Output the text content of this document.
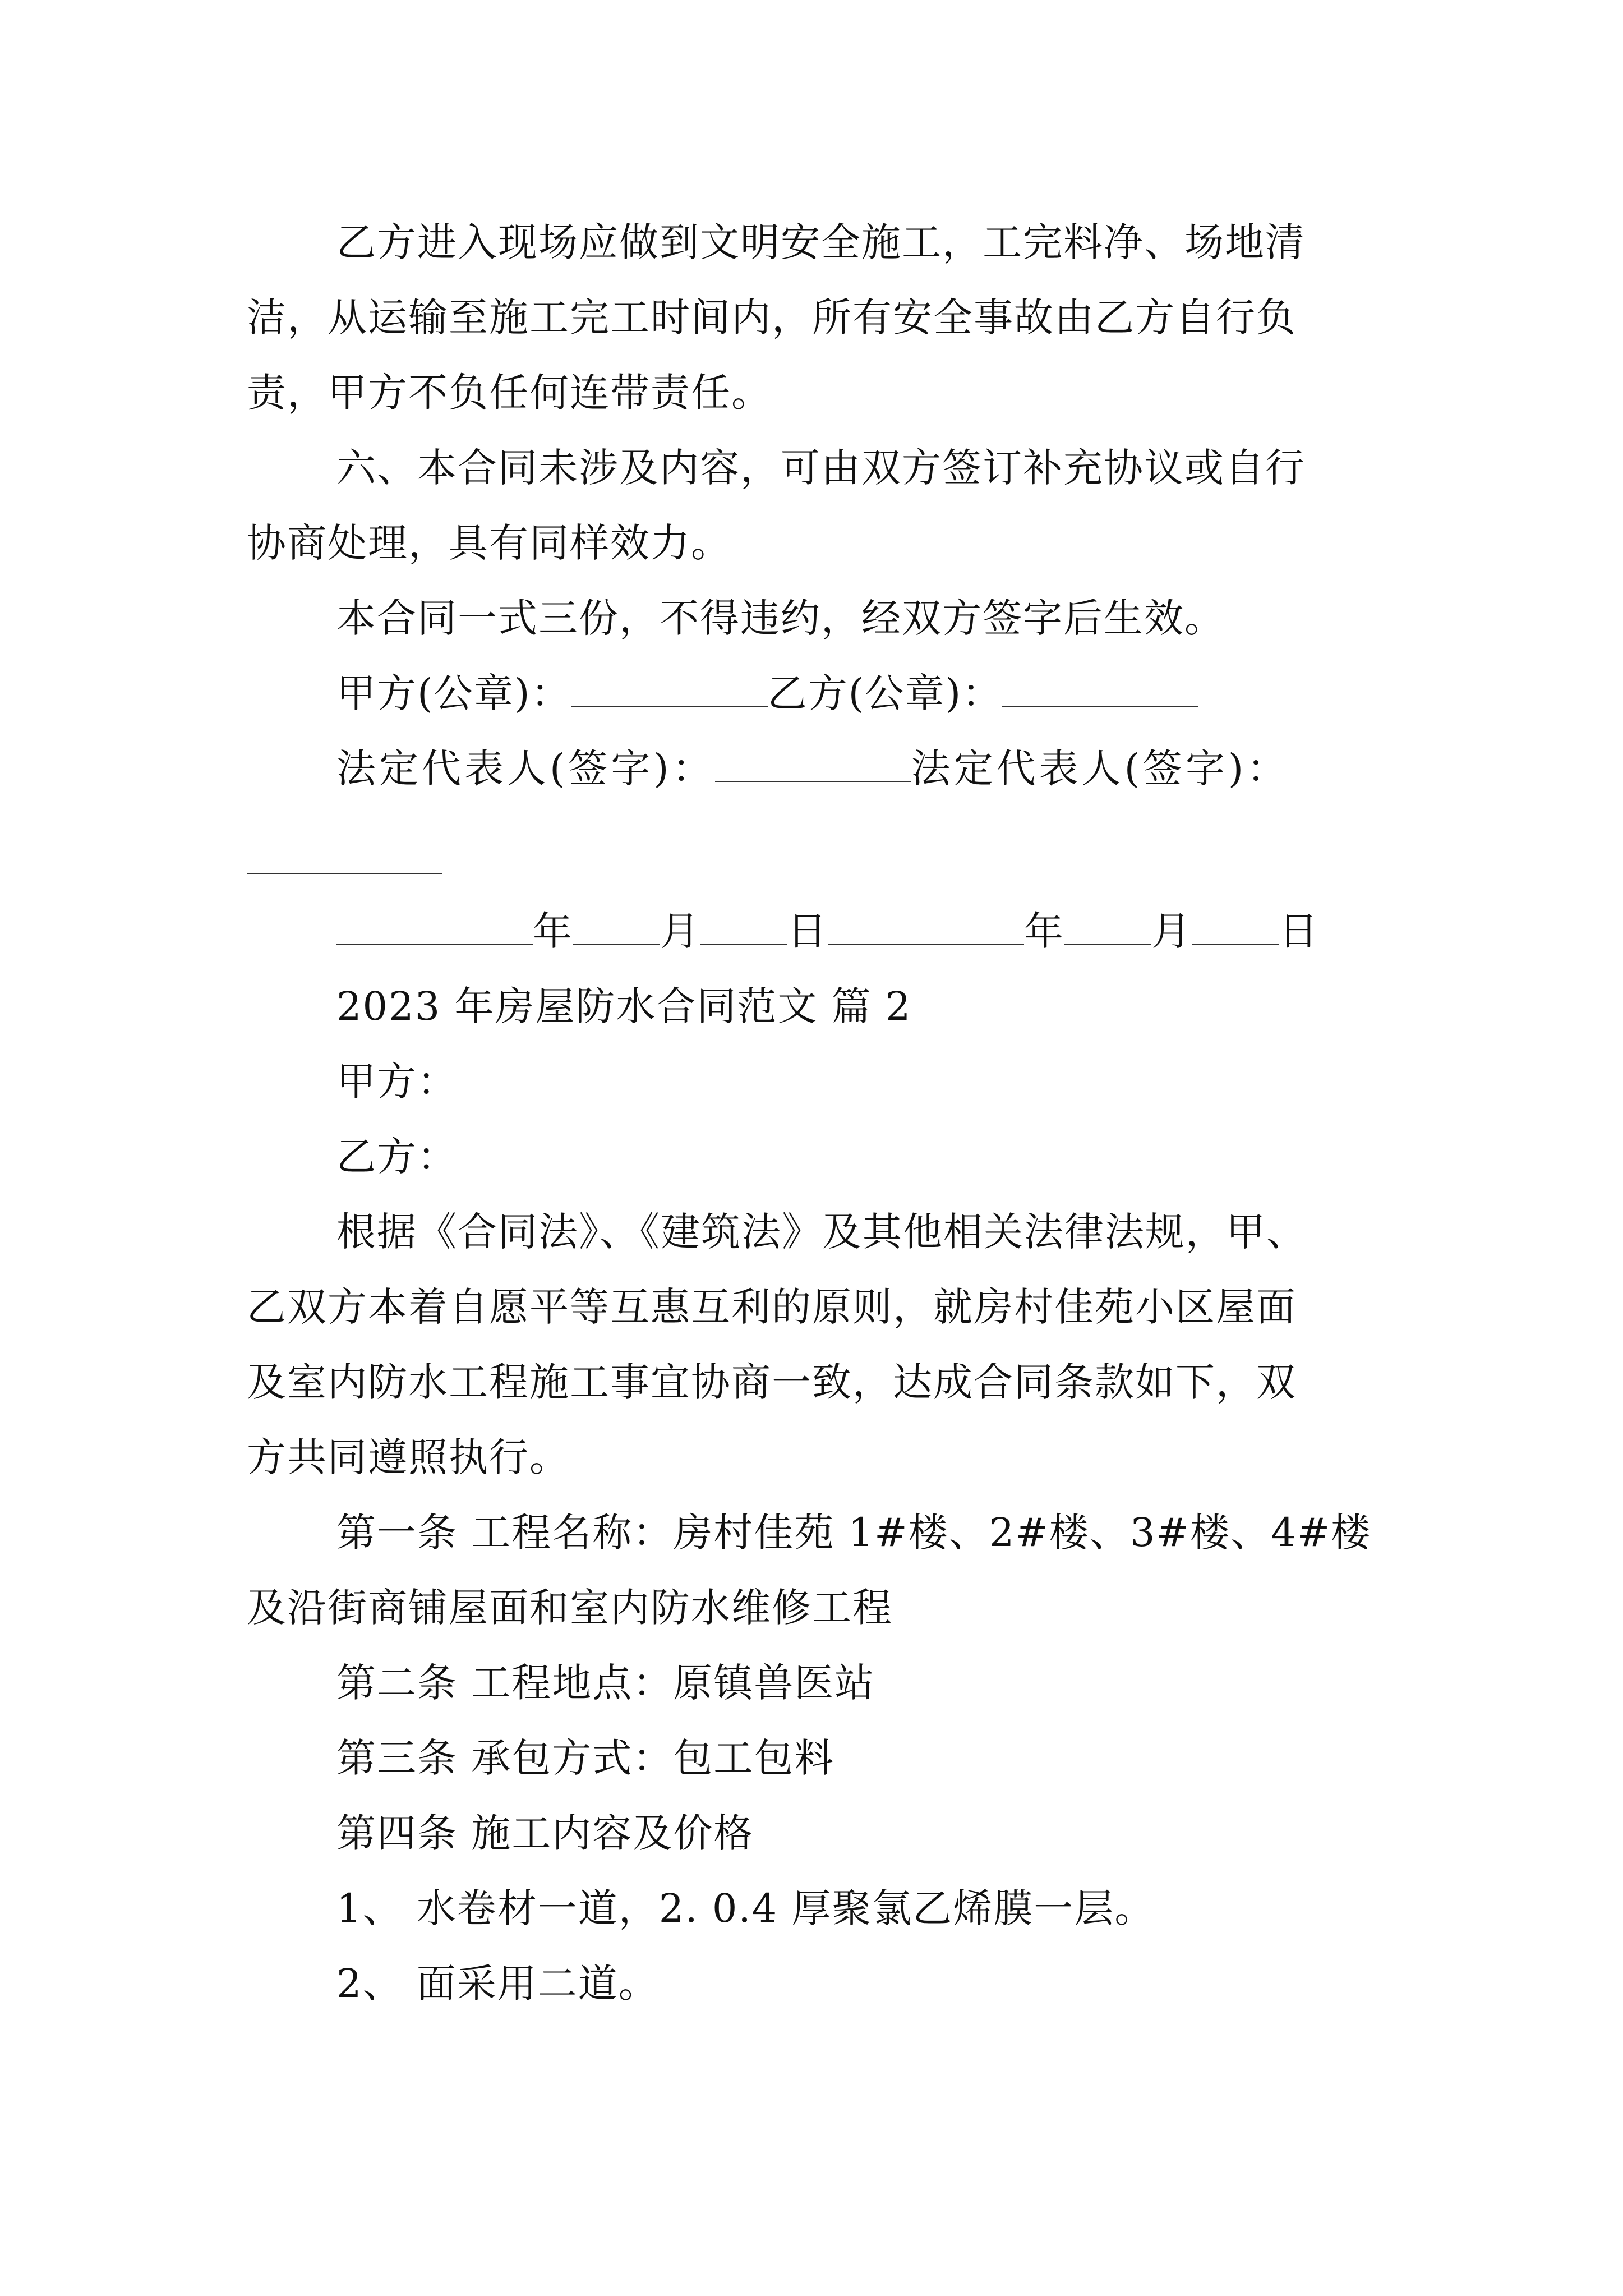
乙方进入现场应做到文明安全施工，工完料净、场地清
洁，从运输至施工完工时间内，所有安全事故由乙方自行负
责，甲方不负任何连带责任。
六、本合同未涉及内容，可由双方签订补充协议或自行
协商处理，具有同样效力。
本合同一式三份，不得违约，经双方签字后生效。
甲方(公章)：	乙方(公章)：
法定代表人(签字)：	法定代表人(签字)：
年 月 日	年 月 日
2023 年房屋防水合同范文 篇 2
甲方：
乙方：
根据《合同法》、《建筑法》及其他相关法律法规，甲、
乙双方本着自愿平等互惠互利的原则，就房村佳苑小区屋面
及室内防水工程施工事宜协商一致，达成合同条款如下，双
方共同遵照执行。
第一条 工程名称：房村佳苑 1#楼、2#楼、3#楼、4#楼
及沿街商铺屋面和室内防水维修工程
第二条 工程地点：原镇兽医站
第三条 承包方式：包工包料
第四条 施工内容及价格
1、 水卷材一道，2. 0.4 厚聚氯乙烯膜一层。
2、 面采用二道。
